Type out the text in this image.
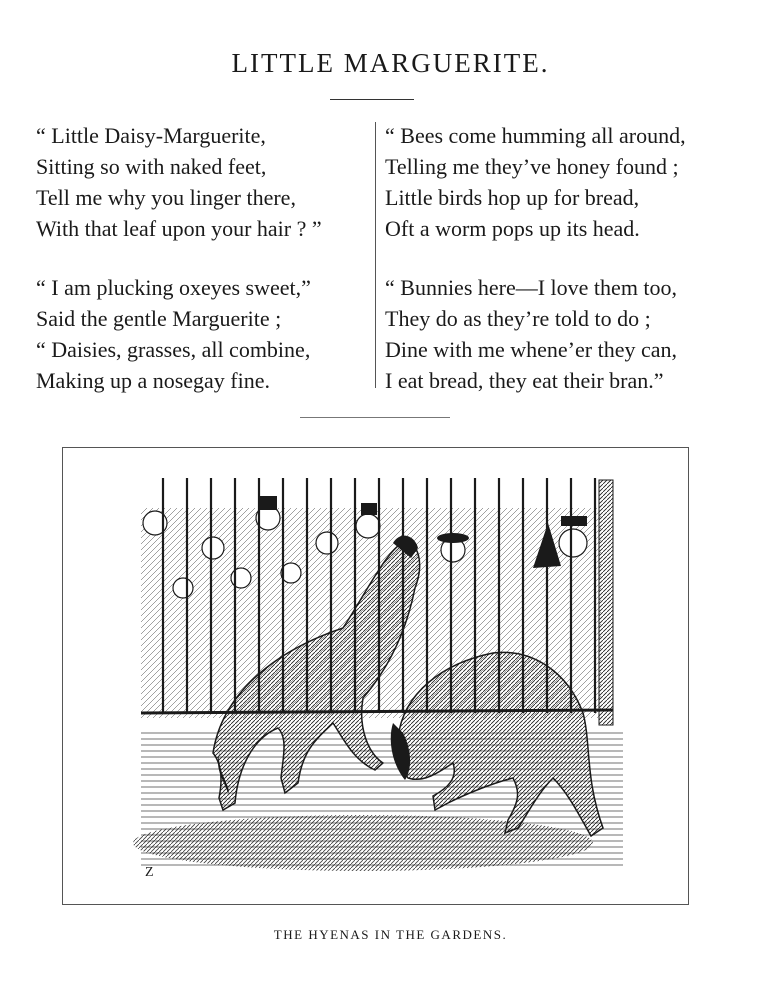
LITTLE MARGUERITE.
“ Little Daisy-Marguerite,
Sitting so with naked feet,
Tell me why you linger there,
With that leaf upon your hair ? ”
“ I am plucking oxeyes sweet,”
Said the gentle Marguerite ;
“ Daisies, grasses, all combine,
Making up a nosegay fine.
“ Bees come humming all around,
Telling me they’ve honey found ;
Little birds hop up for bread,
Oft a worm pops up its head.
“ Bunnies here—I love them too,
They do as they’re told to do ;
Dine with me whene’er they can,
I eat bread, they eat their bran.”
Z
THE HYENAS IN THE GARDENS.
